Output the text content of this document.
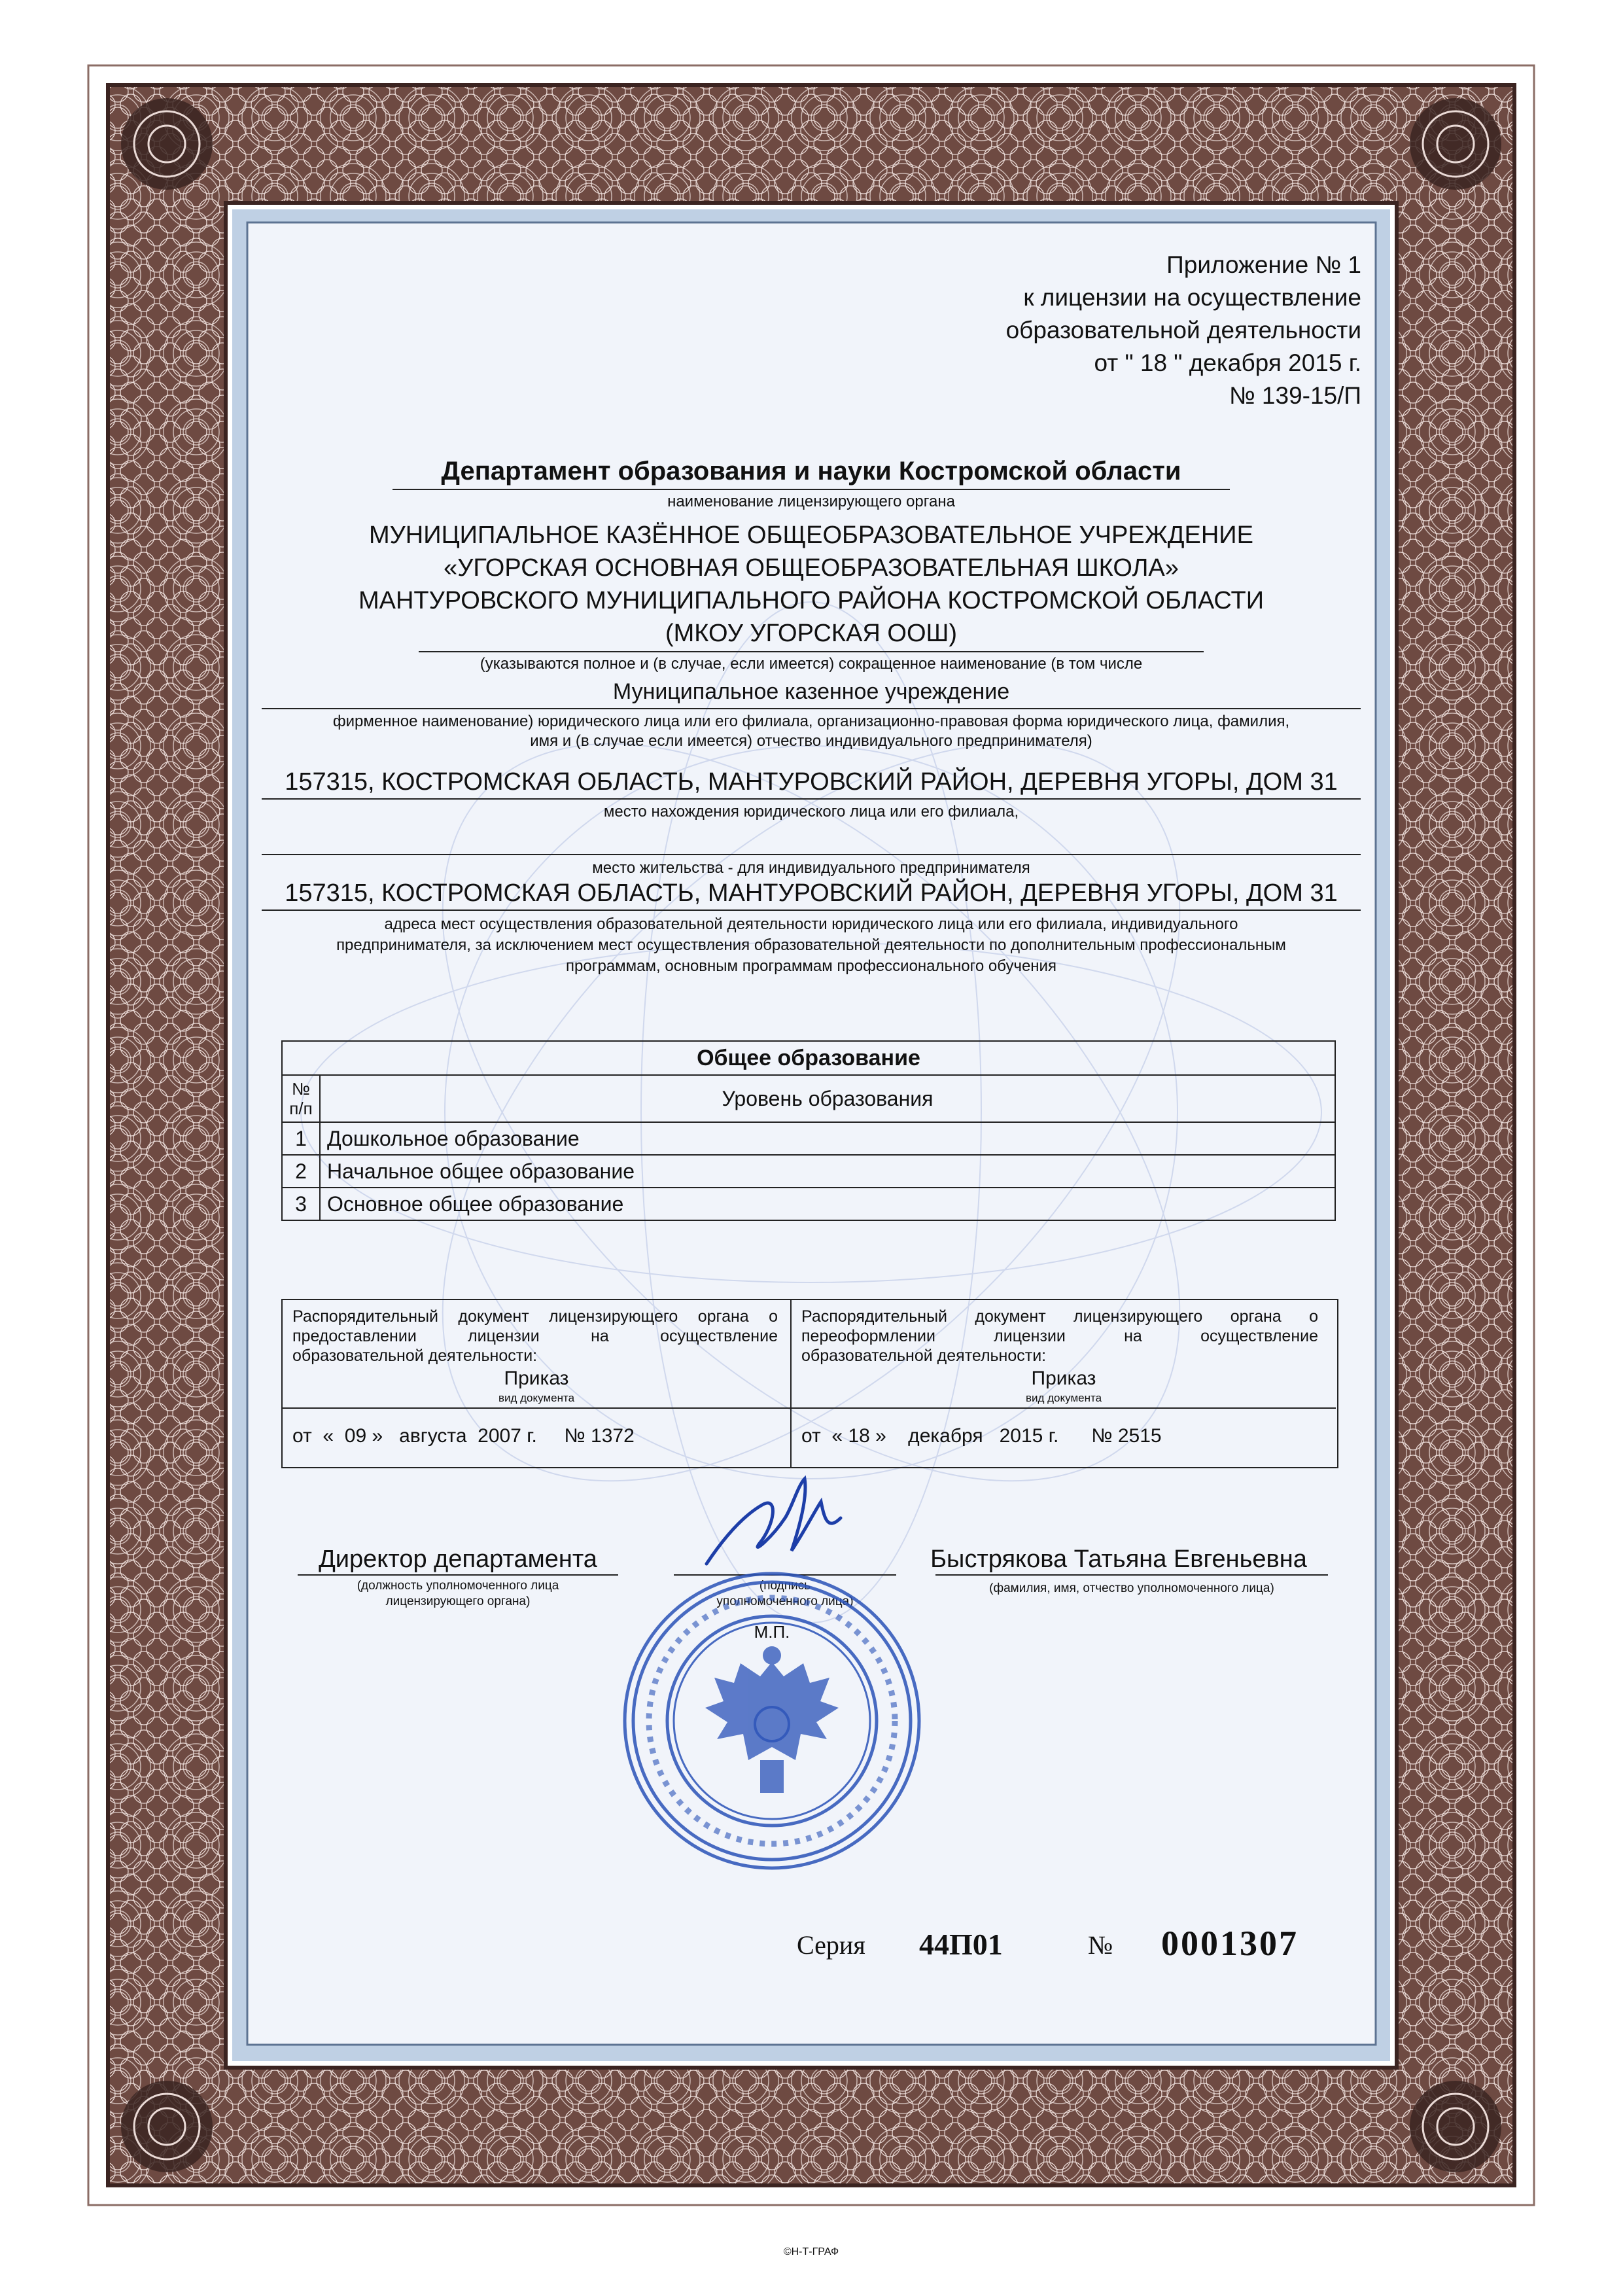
Приложение № 1
к лицензии на осуществление
образовательной деятельности
от " 18 " декабря 2015 г.
№ 139-15/П
Департамент образования и науки Костромской области
наименование лицензирующего органа
МУНИЦИПАЛЬНОЕ КАЗЁННОЕ ОБЩЕОБРАЗОВАТЕЛЬНОЕ УЧРЕЖДЕНИЕ
«УГОРСКАЯ ОСНОВНАЯ ОБЩЕОБРАЗОВАТЕЛЬНАЯ ШКОЛА»
МАНТУРОВСКОГО МУНИЦИПАЛЬНОГО РАЙОНА КОСТРОМСКОЙ ОБЛАСТИ
(МКОУ УГОРСКАЯ ООШ)
(указываются полное и (в случае, если имеется) сокращенное наименование (в том числе
Муниципальное казенное учреждение
фирменное наименование) юридического лица или его филиала, организационно-правовая форма юридического лица, фамилия,
имя и (в случае если имеется) отчество индивидуального предпринимателя)
157315, КОСТРОМСКАЯ ОБЛАСТЬ, МАНТУРОВСКИЙ РАЙОН, ДЕРЕВНЯ УГОРЫ, ДОМ 31
место нахождения юридического лица или его филиала,
место жительства - для индивидуального предпринимателя
157315, КОСТРОМСКАЯ ОБЛАСТЬ, МАНТУРОВСКИЙ РАЙОН, ДЕРЕВНЯ УГОРЫ, ДОМ 31
адреса мест осуществления образовательной деятельности юридического лица или его филиала, индивидуального
предпринимателя, за исключением мест осуществления образовательной деятельности по дополнительным профессиональным
программам, основным программам профессионального обучения
Общее образование	

№
п/п	Уровень образования
1	Дошкольное образование
2	Начальное общее образование
3	Основное общее образование
Распорядительный документ лицензирующего органа о
предоставлении лицензии на осуществление
образовательной деятельности:
Приказ
вид документа
от  «  09 »   августа  2007 г.     № 1372
Распорядительный документ лицензирующего органа о
переоформлении лицензии на осуществление
образовательной деятельности:
Приказ
вид документа
от  « 18 »    декабря   2015 г.      № 2515
Директор департамента
(должность уполномоченного лица
лицензирующего органа)
(подпись
уполномоченного лица)
Быстрякова Татьяна Евгеньевна
(фамилия, имя, отчество уполномоченного лица)
М.П.
Серия 44П01	№ 0001307
©Н-Т-ГРАФ
